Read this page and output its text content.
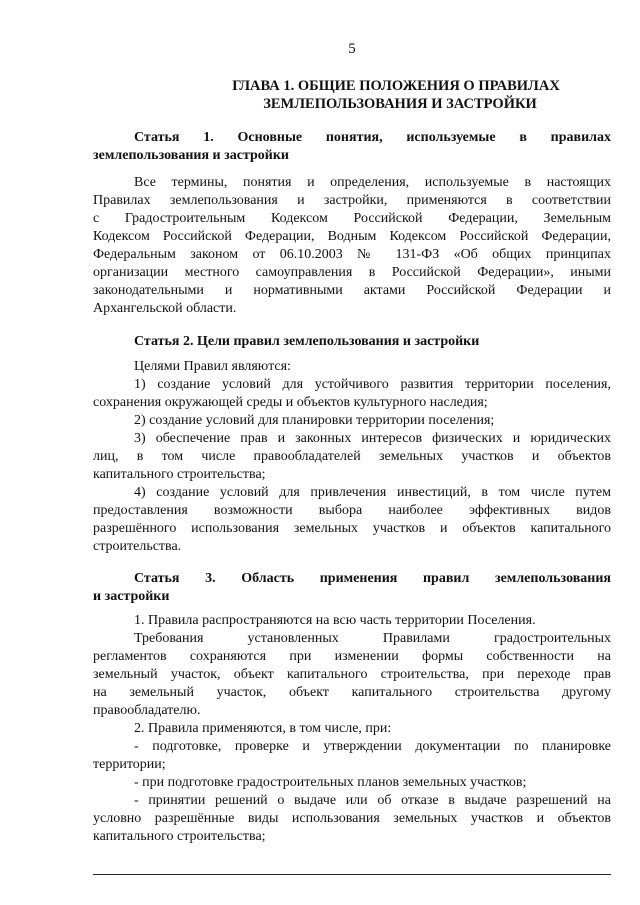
5
ГЛАВА 1. ОБЩИЕ ПОЛОЖЕНИЯ О ПРАВИЛАХ
ЗЕМЛЕПОЛЬЗОВАНИЯ И ЗАСТРОЙКИ
Статья 1. Основные понятия, используемые в правилах
землепользования и застройки
Все термины, понятия и определения, используемые в настоящих
Правилах землепользования и застройки, применяются в соответствии
с Градостроительным Кодексом Российской Федерации, Земельным
Кодексом Российской Федерации, Водным Кодексом Российской Федерации,
Федеральным законом от 06.10.2003 № 131-ФЗ «Об общих принципах
организации местного самоуправления в Российской Федерации», иными
законодательными и нормативными актами Российской Федерации и
Архангельской области.
Статья 2. Цели правил землепользования и застройки
Целями Правил являются:
1) создание условий для устойчивого развития территории поселения,
сохранения окружающей среды и объектов культурного наследия;
2) создание условий для планировки территории поселения;
3) обеспечение прав и законных интересов физических и юридических
лиц, в том числе правообладателей земельных участков и объектов
капитального строительства;
4) создание условий для привлечения инвестиций, в том числе путем
предоставления возможности выбора наиболее эффективных видов
разрешённого использования земельных участков и объектов капитального
строительства.
Статья 3. Область применения правил землепользования
и застройки
1. Правила распространяются на всю часть территории Поселения.
Требования установленных Правилами градостроительных
регламентов сохраняются при изменении формы собственности на
земельный участок, объект капитального строительства, при переходе прав
на земельный участок, объект капитального строительства другому
правообладателю.
2. Правила применяются, в том числе, при:
- подготовке, проверке и утверждении документации по планировке
территории;
- при подготовке градостроительных планов земельных участков;
- принятии решений о выдаче или об отказе в выдаче разрешений на
условно разрешённые виды использования земельных участков и объектов
капитального строительства;
